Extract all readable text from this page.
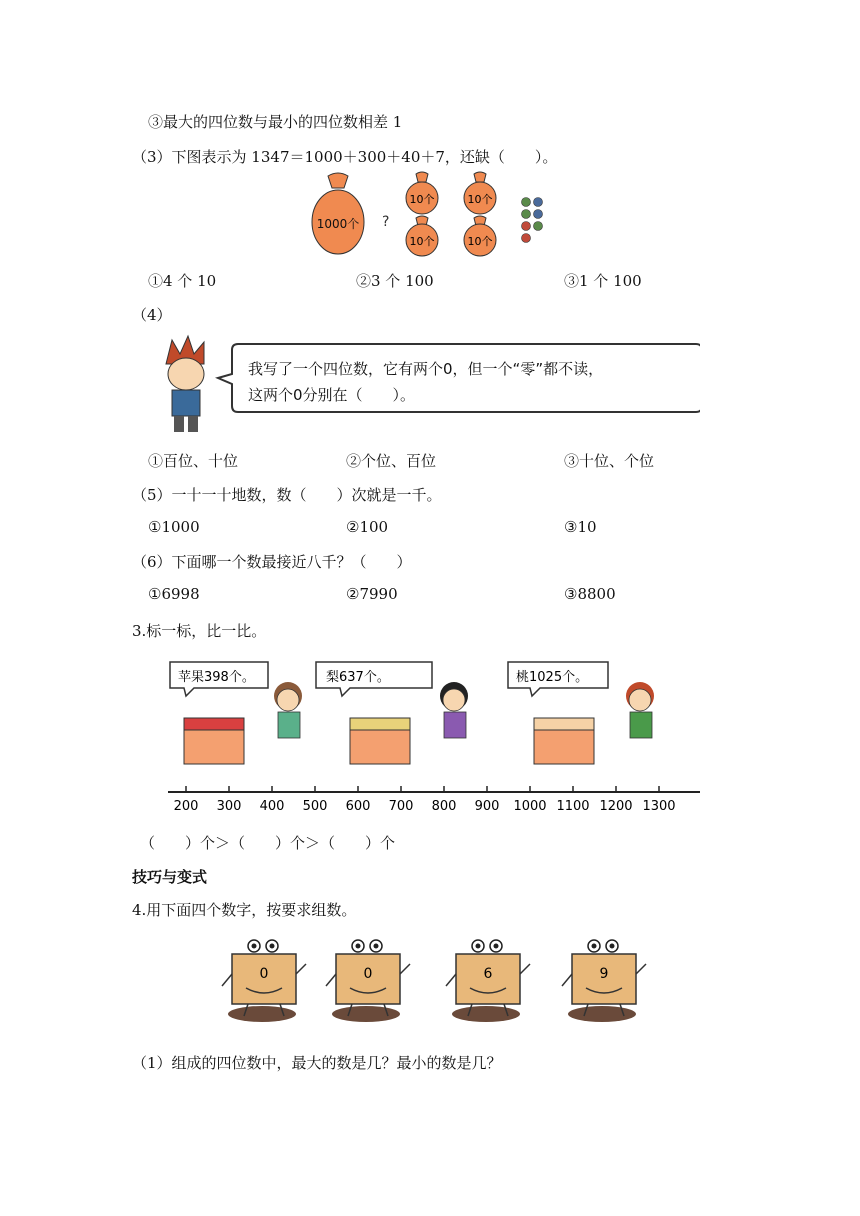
③最大的四位数与最小的四位数相差 1
（3）下图表示为 1347＝1000＋300＋40＋7，还缺（　　）。
1000个 ?
10个	10个
10个	10个
①4 个 10	②3 个 100	③1 个 100
（4）
我写了一个四位数，它有两个0，但一个“零”都不读，
这两个0分别在（　　）。
①百位、十位	②个位、百位	③十位、个位
（5）一十一十地数，数（　　）次就是一千。
①1000	②100	③10
（6）下面哪一个数最接近八千？（　　）
①6998	②7990	③8800
3.标一标，比一比。
苹果398个。	梨637个。	桃1025个。
200 300 400 500 600 700 800 900 1000 1100 1200 1300
（　　）个＞（　　）个＞（　　）个
技巧与变式
4.用下面四个数字，按要求组数。
0	0	6	9
（1）组成的四位数中，最大的数是几？最小的数是几？
